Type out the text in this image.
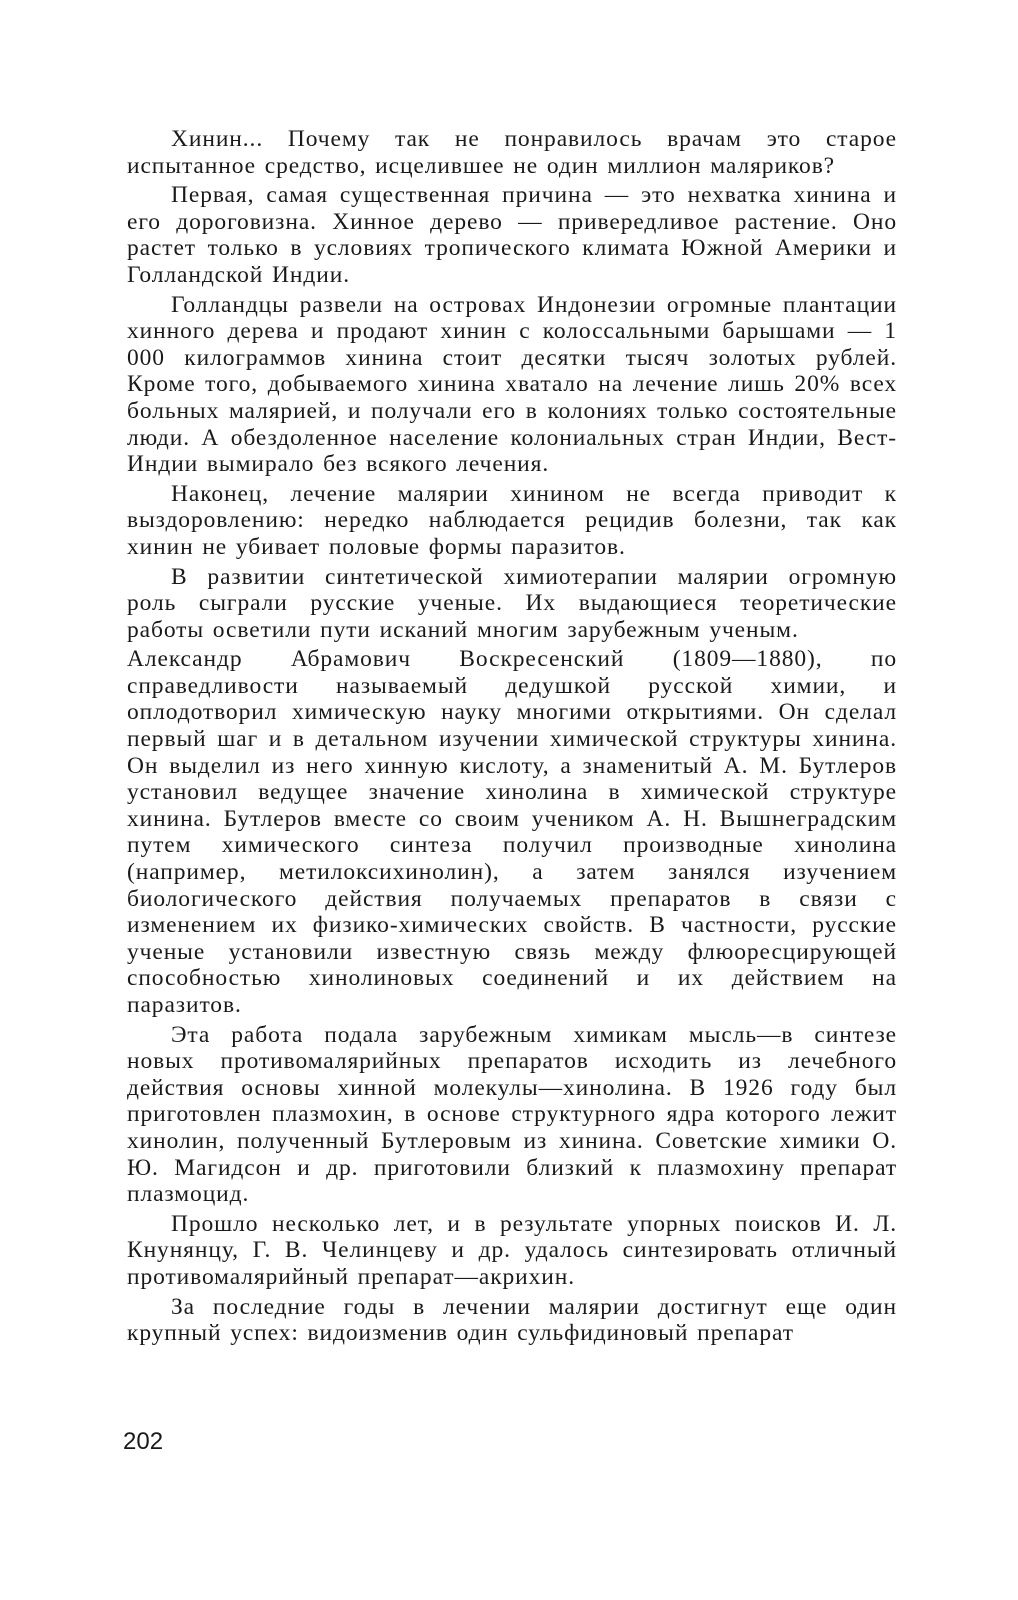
Хинин... Почему так не понравилось врачам это старое испытанное средство, исцелившее не один миллион маляриков?

Первая, самая существенная причина — это нехватка хинина и его дороговизна. Хинное дерево — привередливое растение. Оно растет только в условиях тропического климата Южной Америки и Голландской Индии.

Голландцы развели на островах Индонезии огромные плантации хинного дерева и продают хинин с колоссальными барышами — 1 000 килограммов хинина стоит десятки тысяч золотых рублей. Кроме того, добываемого хинина хватало на лечение лишь 20% всех больных малярией, и получали его в колониях только состоятельные люди. А обездоленное население колониальных стран Индии, Вест-Индии вымирало без всякого лечения.

Наконец, лечение малярии хинином не всегда приводит к выздоровлению: нередко наблюдается рецидив болезни, так как хинин не убивает половые формы паразитов.

В развитии синтетической химиотерапии малярии огромную роль сыграли русские ученые. Их выдающиеся теоретические работы осветили пути исканий многим зарубежным ученым.

Александр Абрамович Воскресенский (1809—1880), по справедливости называемый дедушкой русской химии, и оплодотворил химическую науку многими открытиями. Он сделал первый шаг и в детальном изучении химической структуры хинина. Он выделил из него хинную кислоту, а знаменитый А. М. Бутлеров установил ведущее значение хинолина в химической структуре хинина. Бутлеров вместе со своим учеником А. Н. Вышнеградским путем химического синтеза получил производные хинолина (например, метилоксихинолин), а затем занялся изучением биологического действия получаемых препаратов в связи с изменением их физико-химических свойств. В частности, русские ученые установили известную связь между флюоресцирующей способностью хинолиновых соединений и их действием на паразитов.

Эта работа подала зарубежным химикам мысль—в синтезе новых противомалярийных препаратов исходить из лечебного действия основы хинной молекулы—хинолина. В 1926 году был приготовлен плазмохин, в основе структурного ядра которого лежит хинолин, полученный Бутлеровым из хинина. Советские химики О. Ю. Магидсон и др. приготовили близкий к плазмохину препарат плазмоцид.

Прошло несколько лет, и в результате упорных поисков И. Л. Кнунянцу, Г. В. Челинцеву и др. удалось синтезировать отличный противомалярийный препарат—акрихин.

За последние годы в лечении малярии достигнут еще один крупный успех: видоизменив один сульфидиновый препарат

202
